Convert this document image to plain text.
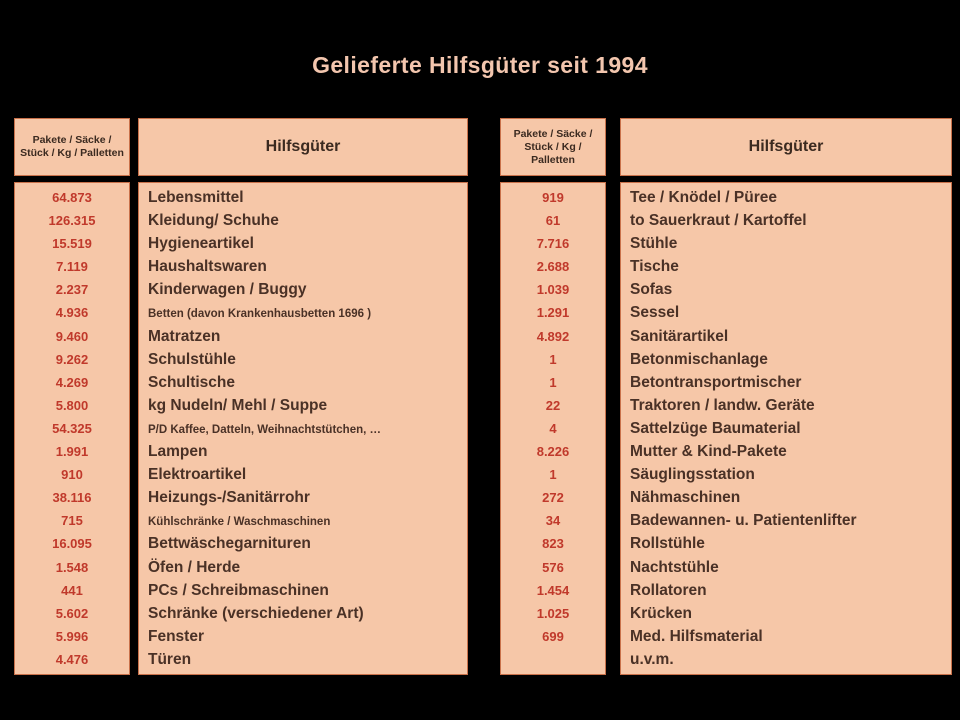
Gelieferte Hilfsgüter seit 1994
Pakete / Säcke / Stück / Kg / Palletten
64.873
126.315
15.519
7.119
2.237
4.936
9.460
9.262
4.269
5.800
54.325
1.991
910
38.116
715
16.095
1.548
441
5.602
5.996
4.476
Hilfsgüter
Lebensmittel
Kleidung/ Schuhe
Hygieneartikel
Haushaltswaren
Kinderwagen / Buggy
Betten (davon Krankenhausbetten 1696 )
Matratzen
Schulstühle
Schultische
kg Nudeln/ Mehl / Suppe
P/D Kaffee, Datteln, Weihnachtstütchen, …
Lampen
Elektroartikel
Heizungs-/Sanitärrohr
Kühlschränke / Waschmaschinen
Bettwäschegarnituren
Öfen / Herde
PCs / Schreibmaschinen
Schränke (verschiedener Art)
Fenster
Türen
Pakete / Säcke / Stück / Kg / Palletten
919
61
7.716
2.688
1.039
1.291
4.892
1
1
22
4
8.226
1
272
34
823
576
1.454
1.025
699
Hilfsgüter
Tee / Knödel / Püree
to Sauerkraut / Kartoffel
Stühle
Tische
Sofas
Sessel
Sanitärartikel
Betonmischanlage
Betontransportmischer
Traktoren / landw. Geräte
Sattelzüge Baumaterial
Mutter & Kind-Pakete
Säuglingsstation
Nähmaschinen
Badewannen- u. Patientenlifter
Rollstühle
Nachtstühle
Rollatoren
Krücken
Med. Hilfsmaterial
u.v.m.
